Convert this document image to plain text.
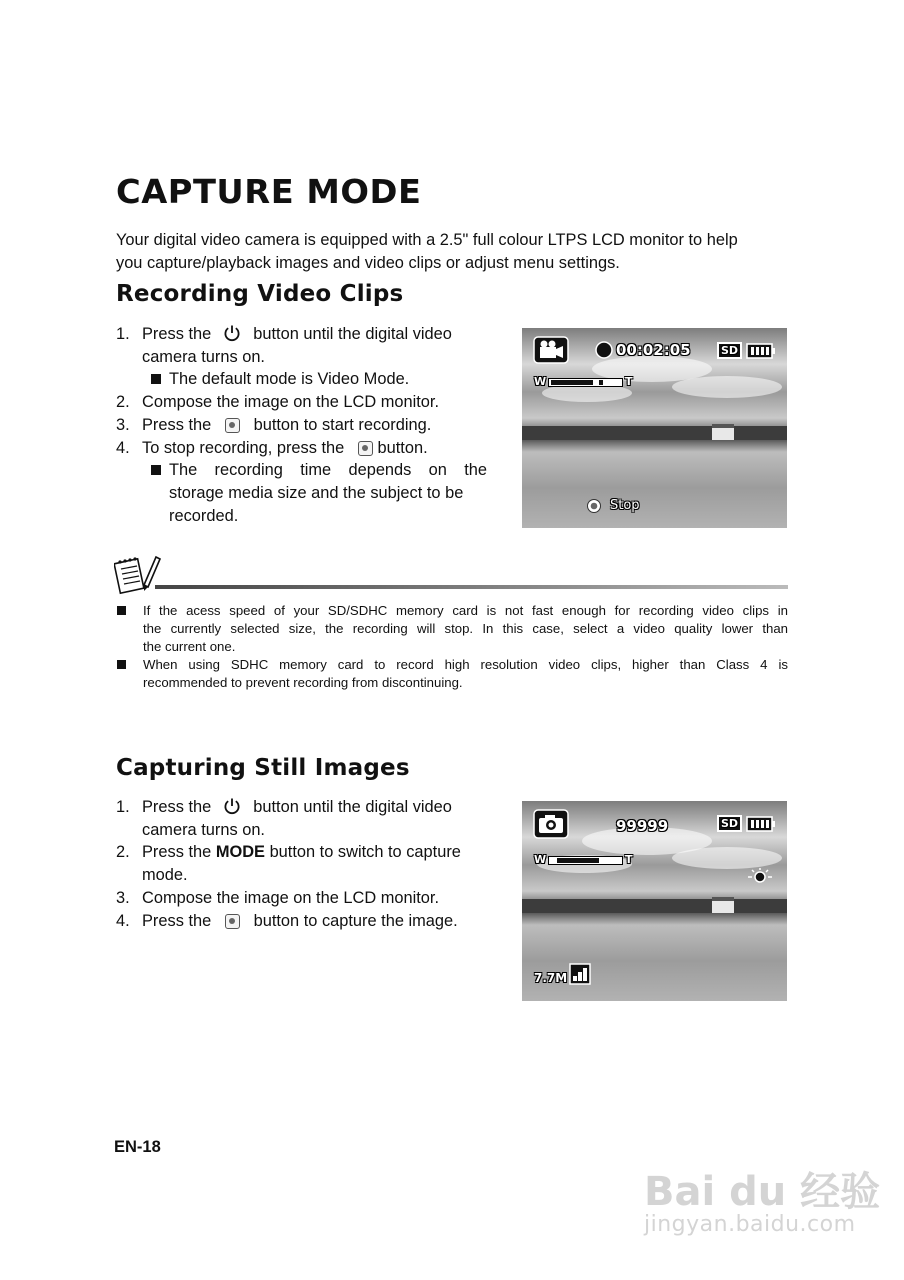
CAPTURE MODE
Your digital video camera is equipped with a 2.5" full colour LTPS LCD monitor to help
you capture/playback images and video clips or adjust menu settings.
Recording Video Clips
1. Press the	button until the digital video
camera turns on.
The default mode is Video Mode.
2. Compose the image on the LCD monitor.
3. Press the	button to start recording.
4. To stop recording, press the button.
The recording time depends on the
storage media size and the subject to be
recorded.
00:02:05	SD
W	T
Stop
If the acess speed of your SD/SDHC memory card is not fast enough for recording video clips in
the currently selected size, the recording will stop. In this case, select a video quality lower than
the current one.
When using SDHC memory card to record high resolution video clips, higher than Class 4 is
recommended to prevent recording from discontinuing.
Capturing Still Images
1. Press the	button until the digital video
camera turns on.
2. Press the MODE button to switch to capture
mode.
3. Compose the image on the LCD monitor.
4. Press the	button to capture the image.
99999	SD
W	T
7.7M
EN-18
Bai du 经验
jingyan.baidu.com
